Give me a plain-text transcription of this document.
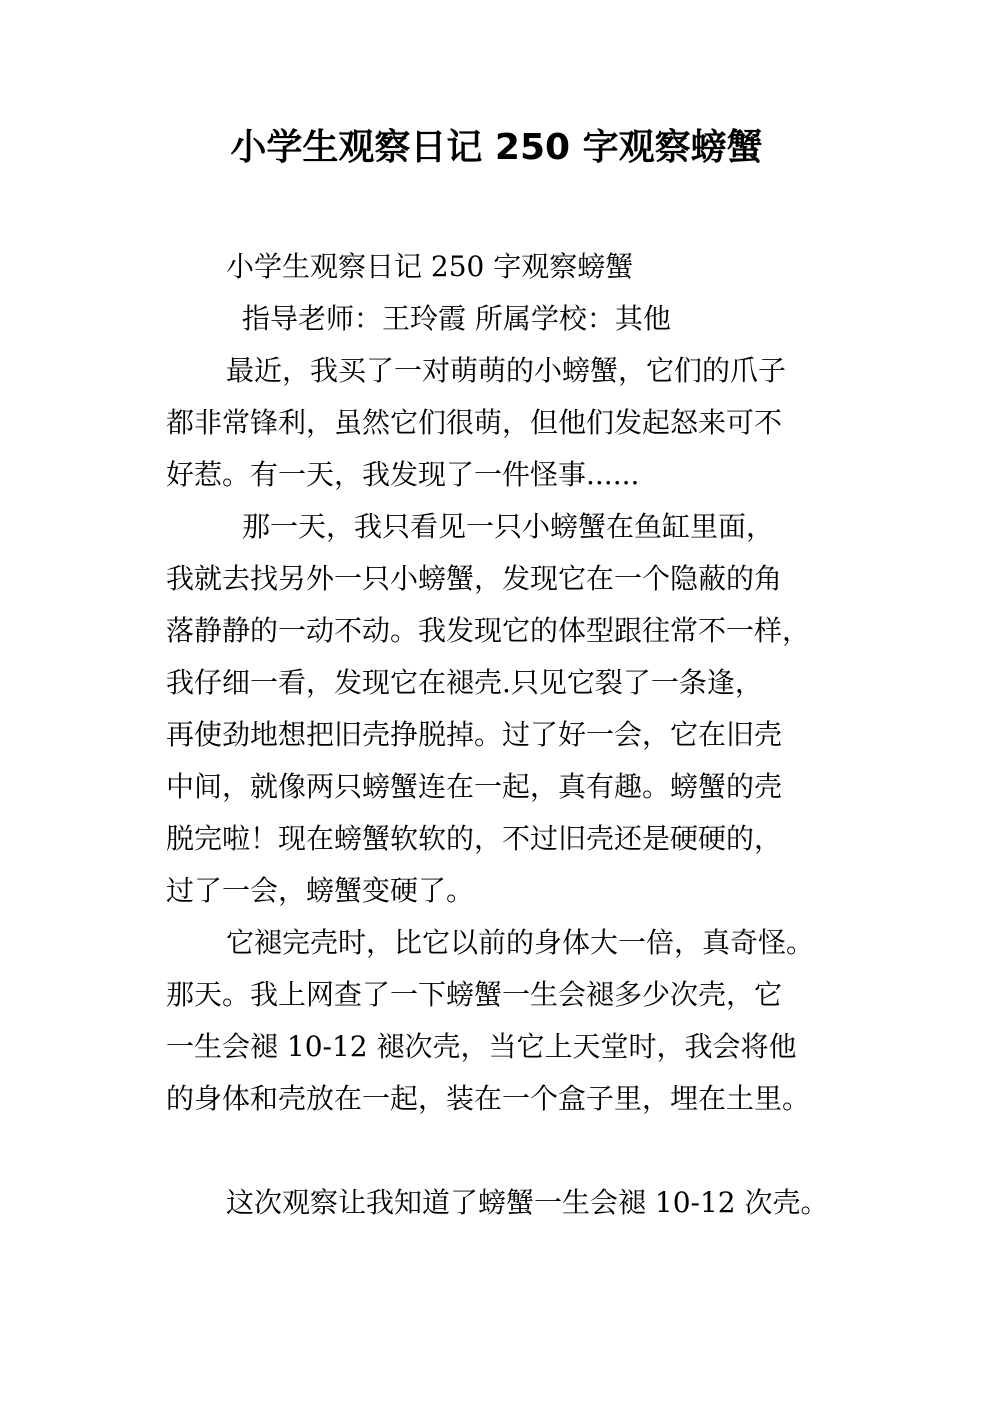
小学生观察日记 250 字观察螃蟹
小学生观察日记 250 字观察螃蟹
指导老师：王玲霞 所属学校：其他
最近，我买了一对萌萌的小螃蟹，它们的爪子
都非常锋利，虽然它们很萌，但他们发起怒来可不
好惹。有一天，我发现了一件怪事......
那一天，我只看见一只小螃蟹在鱼缸里面，
我就去找另外一只小螃蟹，发现它在一个隐蔽的角
落静静的一动不动。我发现它的体型跟往常不一样，
我仔细一看，发现它在褪壳.只见它裂了一条逢，
再使劲地想把旧壳挣脱掉。过了好一会，它在旧壳
中间，就像两只螃蟹连在一起，真有趣。螃蟹的壳
脱完啦！现在螃蟹软软的，不过旧壳还是硬硬的，
过了一会，螃蟹变硬了。
它褪完壳时，比它以前的身体大一倍，真奇怪。
那天。我上网查了一下螃蟹一生会褪多少次壳，它
一生会褪 10-12 褪次壳，当它上天堂时，我会将他
的身体和壳放在一起，装在一个盒子里，埋在土里。
这次观察让我知道了螃蟹一生会褪 10-12 次壳。
